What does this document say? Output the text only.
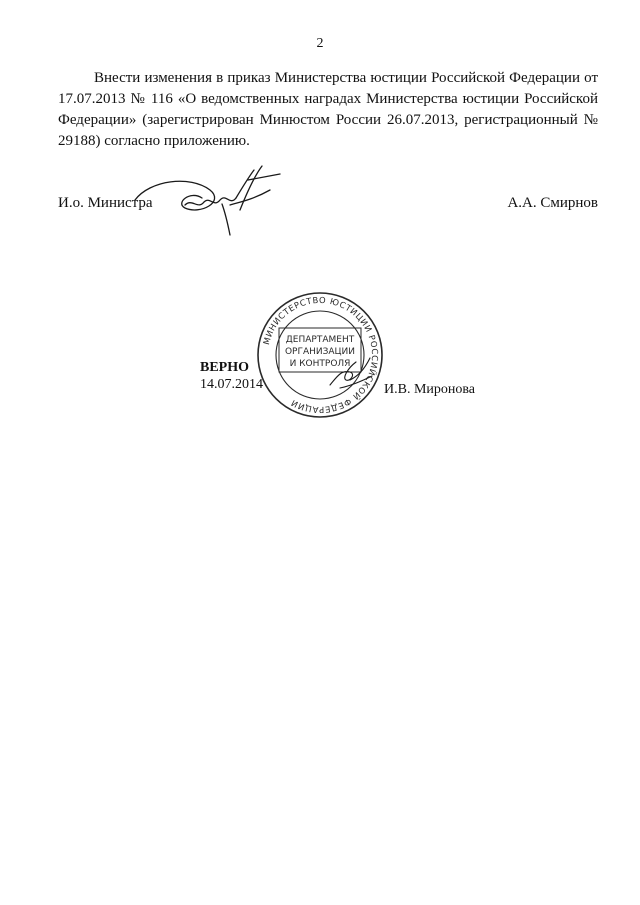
2

Внести изменения в приказ Министерства юстиции Российской Федерации от 17.07.2013 № 116 «О ведомственных наградах Министерства юстиции Российской Федерации» (зарегистрирован Минюстом России 26.07.2013, регистрационный № 29188) согласно приложению.

И.о. Министра	А.А. Смирнов
МИНИСТЕРСТВО ЮСТИЦИИ РОССИЙСКОЙ ФЕДЕРАЦИИ
ДЕПАРТАМЕНТ
ОРГАНИЗАЦИИ
И КОНТРОЛЯ
ВЕРНО
14.07.2014	И.В. Миронова
